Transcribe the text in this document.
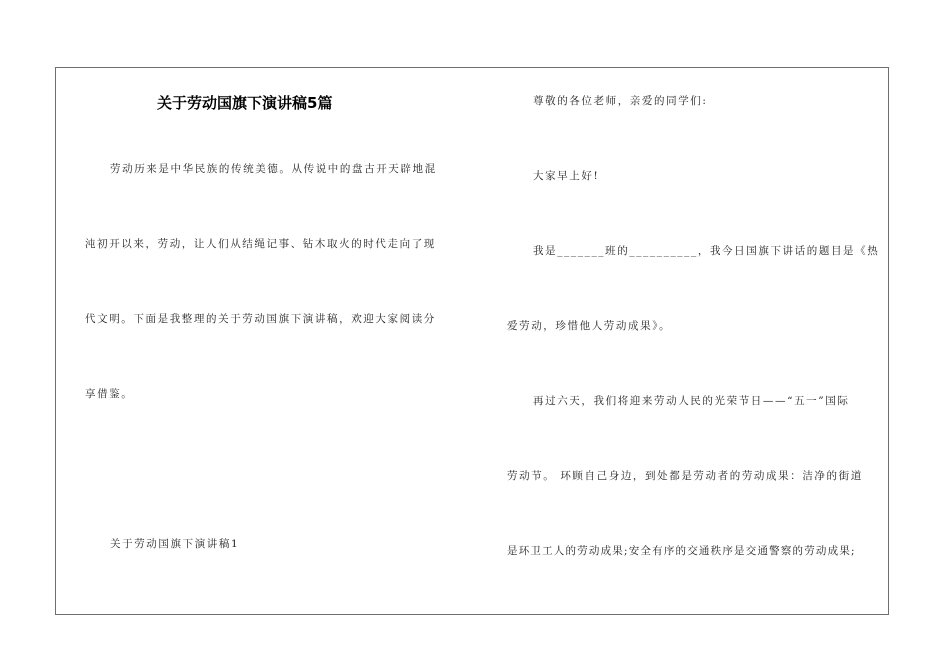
关于劳动国旗下演讲稿5篇
劳动历来是中华民族的传统美德。从传说中的盘古开天辟地混
沌初开以来，劳动，让人们从结绳记事、钻木取火的时代走向了现
代文明。下面是我整理的关于劳动国旗下演讲稿，欢迎大家阅读分
享借鉴。
关于劳动国旗下演讲稿1
尊敬的各位老师，亲爱的同学们:
大家早上好!
我是_______班的__________，我今日国旗下讲话的题目是《热
爱劳动，珍惜他人劳动成果》。
再过六天，我们将迎来劳动人民的光荣节日——“五一”国际
劳动节。 环顾自己身边，到处都是劳动者的劳动成果：洁净的街道
是环卫工人的劳动成果;安全有序的交通秩序是交通警察的劳动成果;
